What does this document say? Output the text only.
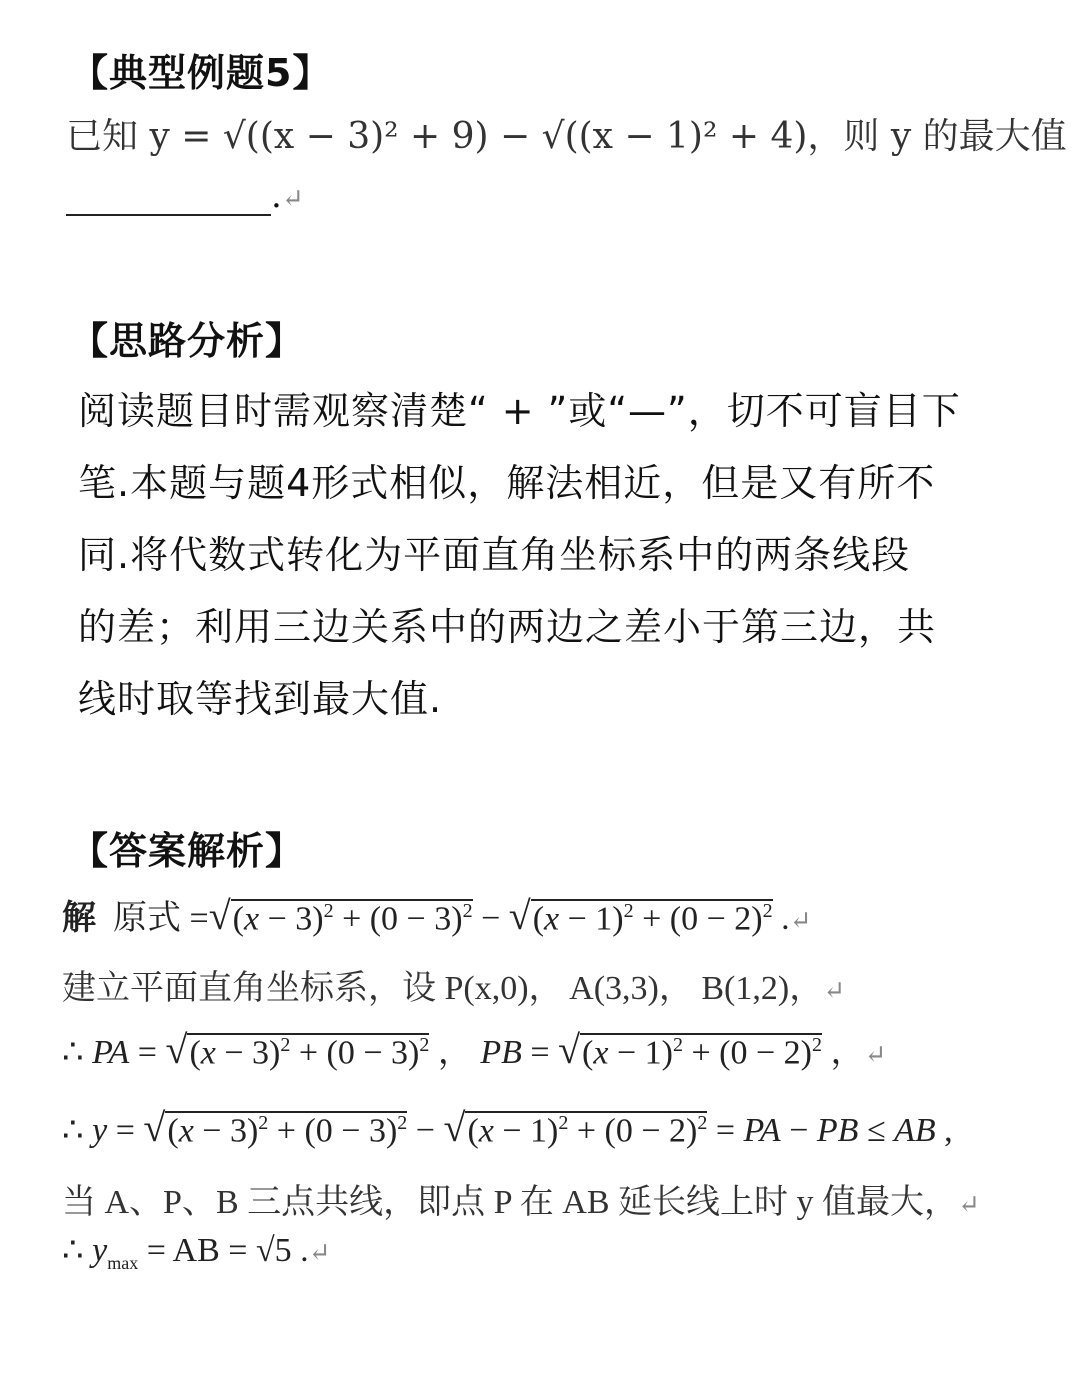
【典型例题5】
已知 y = √((x − 3)² + 9) − √((x − 1)² + 4)，则 y 的最大值
.↵
【思路分析】
阅读题目时需观察清楚“ + ”或“—”，切不可盲目下
笔.本题与题4形式相似，解法相近，但是又有所不
同.将代数式转化为平面直角坐标系中的两条线段
的差；利用三边关系中的两边之差小于第三边，共
线时取等找到最大值.
【答案解析】
解 原式 $=√(x - 3)^2 + (0 - 3)^2 - √(x - 1)^2 + (0 - 2)^2$ .↵
建立平面直角坐标系，设 P(x,0)， A(3,3)， B(1,2)，↵
∴ PA = $√(x - 3)^2 + (0 - 3)^2$ ， PB = $√(x - 1)^2 + (0 - 2)^2$ ，↵
∴ $y = √(x - 3)^2 + (0 - 3)^2 - √(x - 1)^2 + (0 - 2)^2$ = PA − PB ≤ AB ,
当 A、P、B 三点共线，即点 P 在 AB 延长线上时 y 值最大，↵
∴ $y_{max}$ = AB = √5 .↵
